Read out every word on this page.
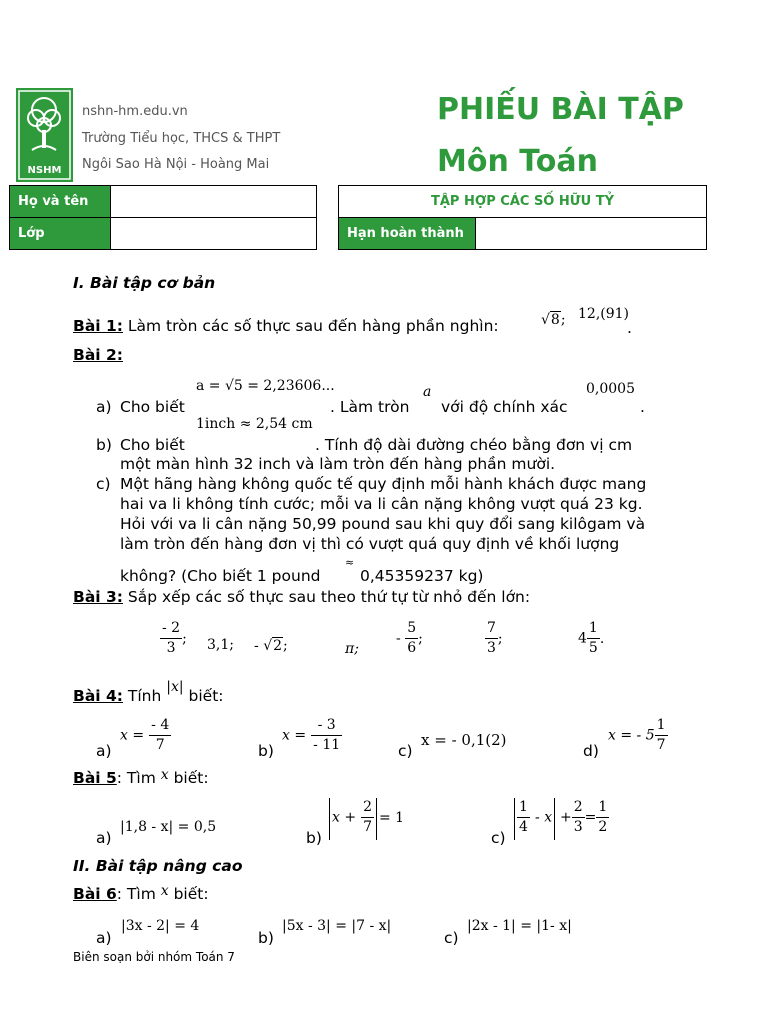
NSHM
nshn-hm.edu.vn
Trường Tiểu học, THCS & THPT
Ngôi Sao Hà Nội - Hoàng Mai
PHIẾU BÀI TẬP
Môn Toán
Họ và tên	
Lớp	
TẬP HỢP CÁC SỐ HỮU TỶ
Hạn hoàn thành	
I. Bài tập cơ bản
Bài 1: Làm tròn các số thực sau đến hàng phần nghìn:	√8; 12,(91)
.
Bài 2:
a = √5 = 2,23606...
a) Cho biết	. Làm tròn
a
với độ chính xác
0,0005
.
1inch ≈ 2,54 cm
b) Cho biết	. Tính độ dài đường chéo bằng đơn vị cm
một màn hình 32 inch và làm tròn đến hàng phần mười.
c) Một hãng hàng không quốc tế quy định mỗi hành khách được mang
hai va li không tính cước; mỗi va li cân nặng không vượt quá 23 kg.
Hỏi với va li cân nặng 50,99 pound sau khi quy đổi sang kilôgam và
làm tròn đến hàng đơn vị thì có vượt quá quy định về khối lượng
không? (Cho biết 1 pound
≈
0,45359237 kg)
Bài 3: Sắp xếp các số thực sau theo thứ tự từ nhỏ đến lớn:
$\frac{- 2}{3}$ ; 3,1; - √2;	π;
- $\frac{5}{6}$ ;	$\frac{7}{3}$ ;	$4 \frac{1}{5}$ .
Bài 4: Tính |x| biết:
a)
$x = \frac{- 4}{7}$	b)
$x = \frac{- 3}{- 11}$	c)
x = - 0,1(2)
d)
x = - $5 \frac{1}{7}$
Bài 5: Tìm x biết:
a)
|1,8 - x| = 0,5
b)
$x + \frac{2}{7} = 1$
c)
$\frac{1}{4} - x + \frac{2}{3} = \frac{1}{2}$
II. Bài tập nâng cao
Bài 6: Tìm x biết:
a)
|3x - 2| = 4
b)
|5x - 3| = |7 - x|
c)
|2x - 1| = |1- x|
Biên soạn bởi nhóm Toán 7
